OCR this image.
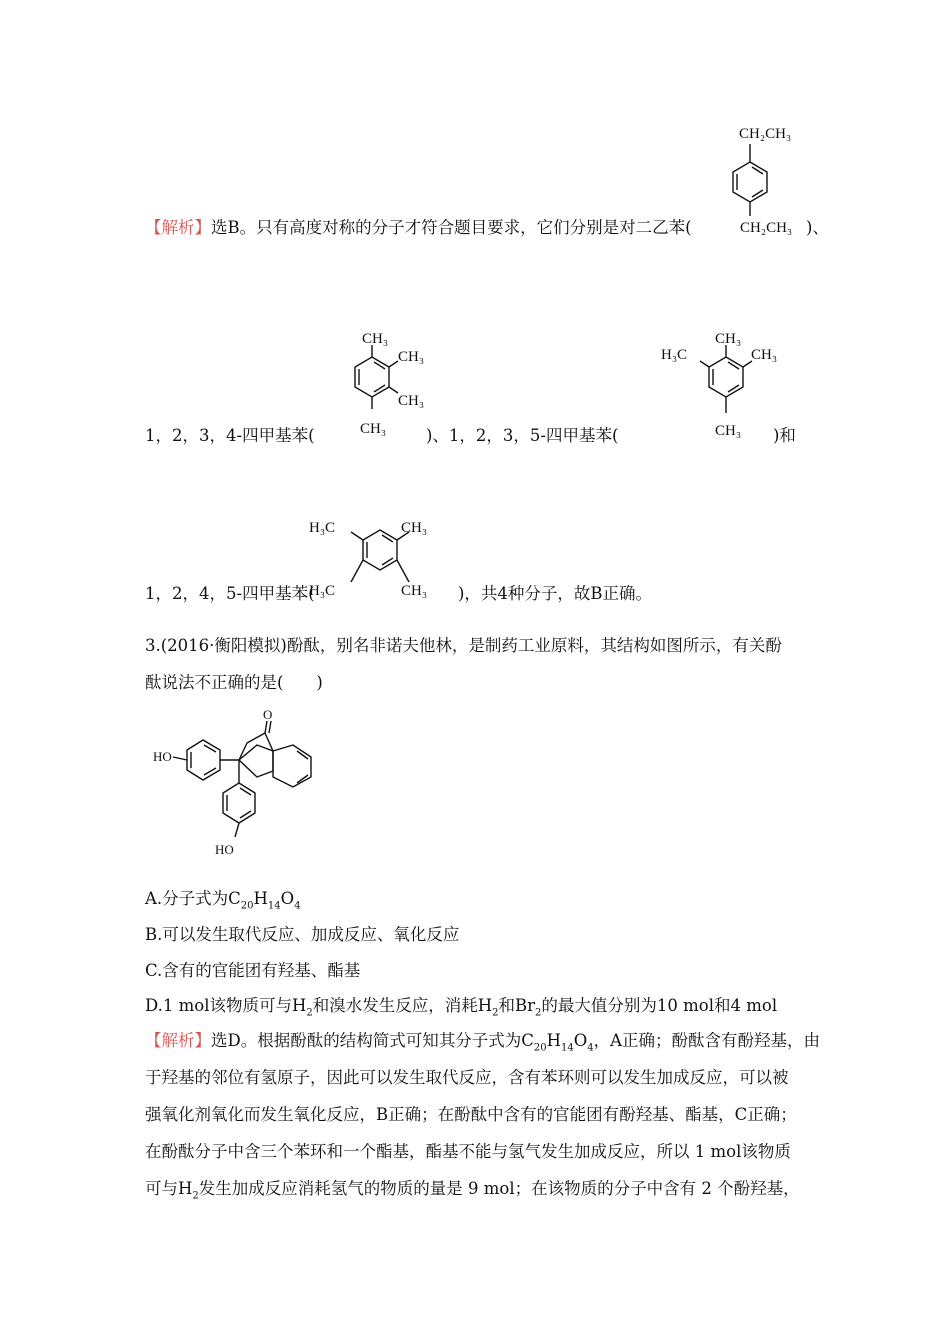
【解析】选B。只有高度对称的分子才符合题目要求，它们分别是对二乙苯(	)、
CH₂CH₃
CH₂CH₃
1，2，3，4-四甲基苯(	)、1，2，3，5-四甲基苯(	)和
CH₃
CH₃
CH₃
CH₃
CH₃
CH₃
H₃C
CH₃
1，2，4，5-四甲基苯(	)，共4种分子，故B正确。
H₃C	CH₃
H₃C	CH₃
3.(2016·衡阳模拟)酚酞，别名非诺夫他林，是制药工业原料，其结构如图所示，有关酚
酞说法不正确的是(　　)
HO
O
HO
A.分子式为$C_{20}H_{14}O_4$
B.可以发生取代反应、加成反应、氧化反应
C.含有的官能团有羟基、酯基
D.1 mol该物质可与$H_2$和溴水发生反应，消耗$H_2$和$Br_2$的最大值分别为10 mol和4 mol
【解析】选D。根据酚酞的结构简式可知其分子式为$C_{20}H_{14}O_4$，A正确；酚酞含有酚羟基，由
于羟基的邻位有氢原子，因此可以发生取代反应，含有苯环则可以发生加成反应，可以被
强氧化剂氧化而发生氧化反应，B正确；在酚酞中含有的官能团有酚羟基、酯基，C正确；
在酚酞分子中含三个苯环和一个酯基，酯基不能与氢气发生加成反应，所以 1 mol该物质
可与$H_2$发生加成反应消耗氢气的物质的量是 9 mol；在该物质的分子中含有 2 个酚羟基，
